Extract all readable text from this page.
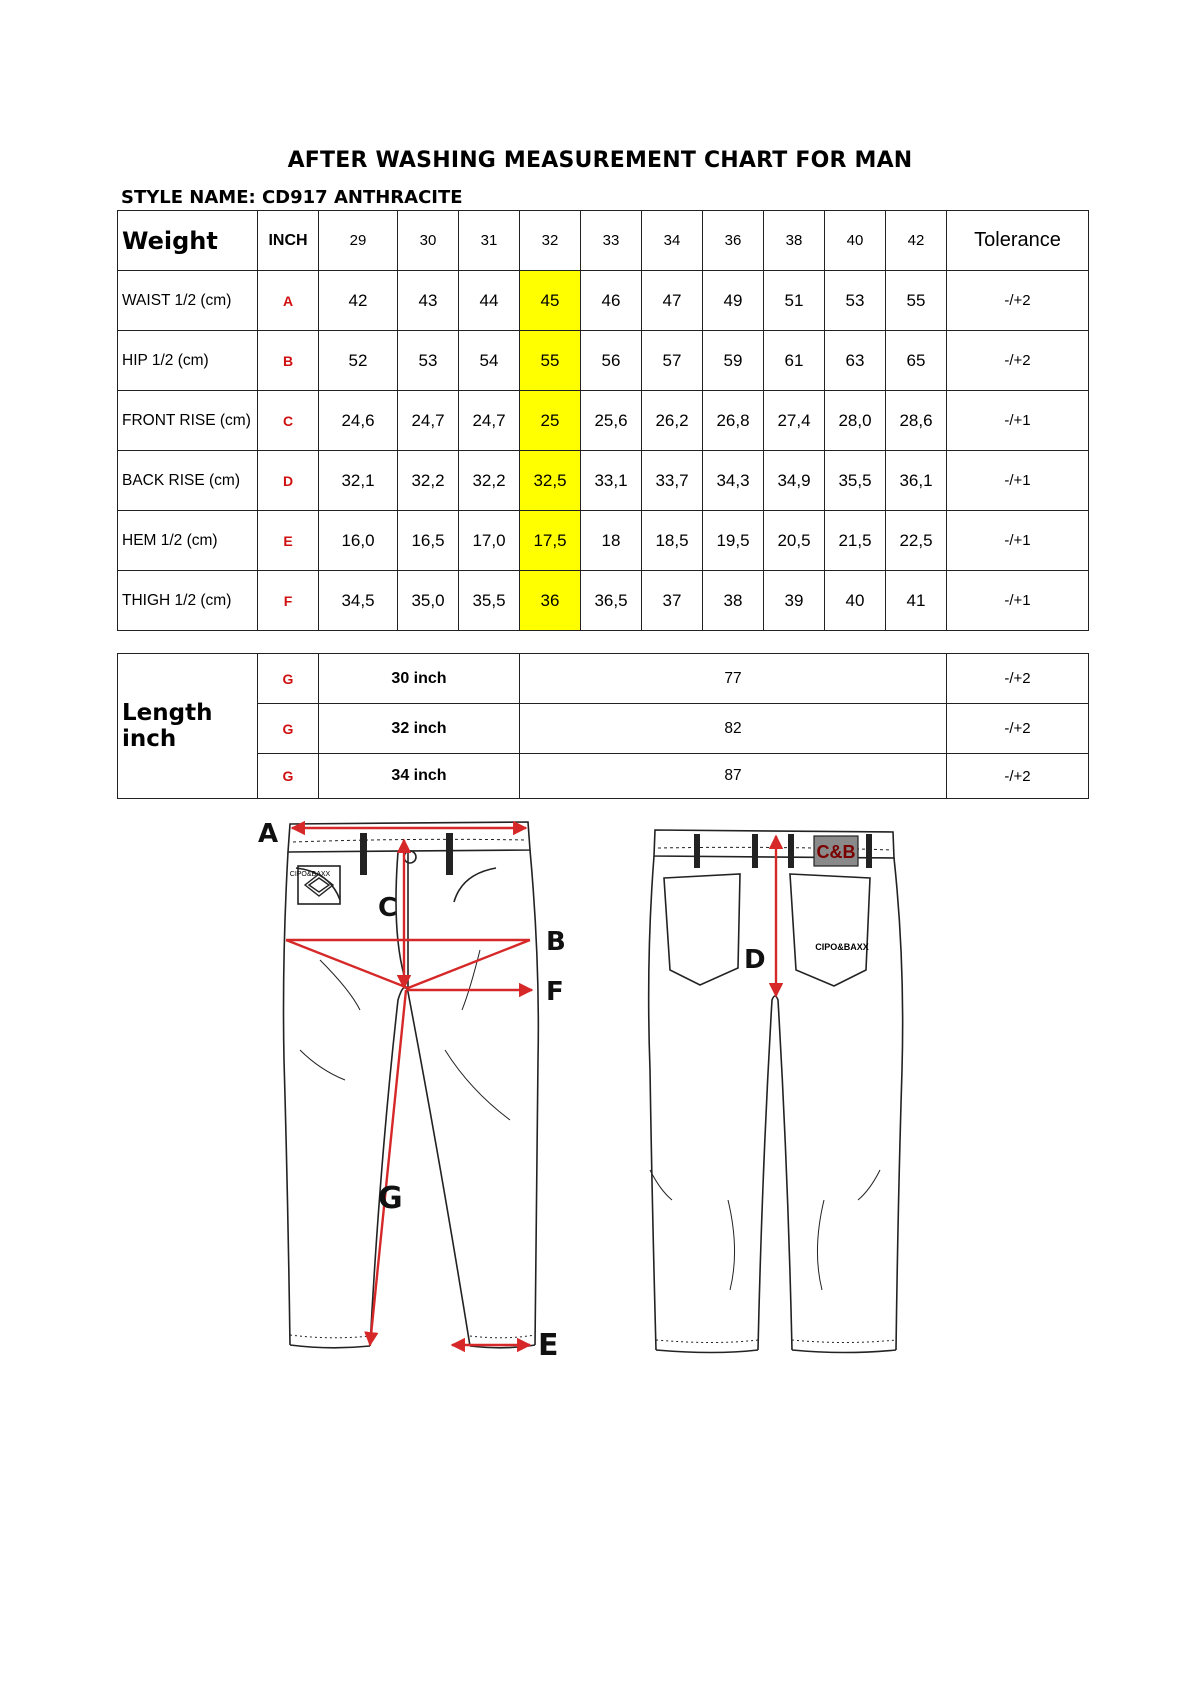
AFTER WASHING MEASUREMENT CHART FOR MAN
STYLE NAME: CD917 ANTHRACITE
Weight	INCH	29	30	31	32	33	34	36	38	40	42	Tolerance
WAIST 1/2 (cm)	A	42	43	44	45	46	47	49	51	53	55	-/+2
HIP 1/2 (cm)	B	52	53	54	55	56	57	59	61	63	65	-/+2
FRONT RISE (cm)	C	24,6	24,7	24,7	25	25,6	26,2	26,8	27,4	28,0	28,6	-/+1
BACK RISE (cm)	D	32,1	32,2	32,2	32,5	33,1	33,7	34,3	34,9	35,5	36,1	-/+1
HEM 1/2 (cm)	E	16,0	16,5	17,0	17,5	18	18,5	19,5	20,5	21,5	22,5	-/+1
THIGH 1/2 (cm)	F	34,5	35,0	35,5	36	36,5	37	38	39	40	41	-/+1
Length inch	G	30 inch	77	-/+2
	G	32 inch	82	-/+2
	G	34 inch	87	-/+2
CIPO&BAXX
C&B
CIPO&BAXX
A
C
B
F
G
E
D
